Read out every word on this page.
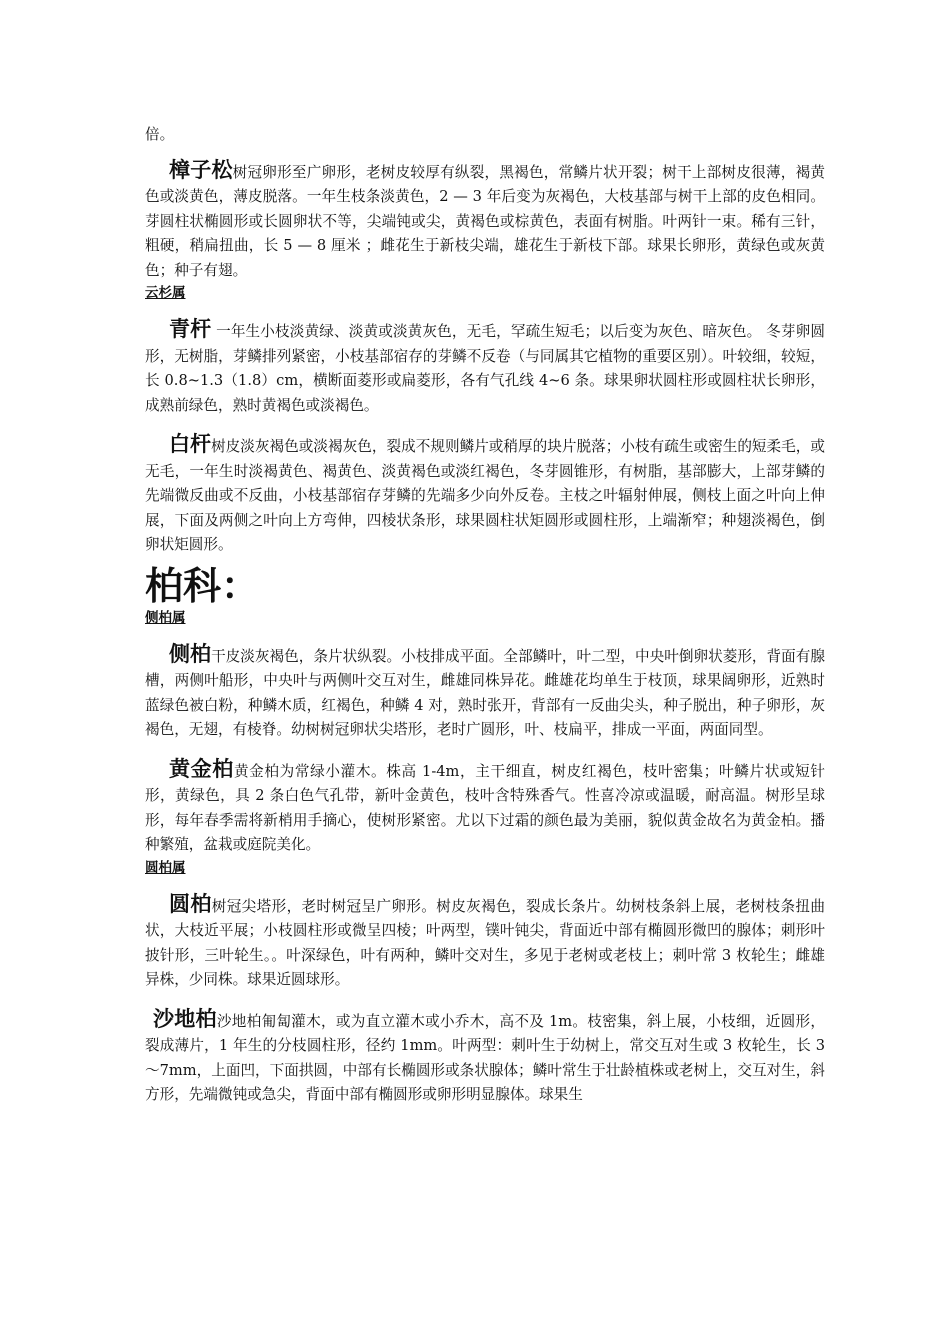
倍。

樟子松树冠卵形至广卵形，老树皮较厚有纵裂，黑褐色，常鳞片状开裂；树干上部树皮很薄，褐黄色或淡黄色，薄皮脱落。一年生枝条淡黄色，2 — 3 年后变为灰褐色，大枝基部与树干上部的皮色相同。芽圆柱状椭圆形或长圆卵状不等，尖端钝或尖，黄褐色或棕黄色，表面有树脂。叶两针一束。稀有三针，粗硬，稍扁扭曲，长 5 — 8 厘米 ；雌花生于新枝尖端，雄花生于新枝下部。球果长卵形，黄绿色或灰黄色；种子有翅。

云杉属

青杆 一年生小枝淡黄绿、淡黄或淡黄灰色，无毛，罕疏生短毛；以后变为灰色、暗灰色。 冬芽卵圆形，无树脂，芽鳞排列紧密，小枝基部宿存的芽鳞不反卷（与同属其它植物的重要区别）。叶较细，较短，长 0.8~1.3（1.8）cm，横断面菱形或扁菱形，各有气孔线 4~6 条。球果卵状圆柱形或圆柱状长卵形，成熟前绿色，熟时黄褐色或淡褐色。

白杆树皮淡灰褐色或淡褐灰色，裂成不规则鳞片或稍厚的块片脱落；小枝有疏生或密生的短柔毛，或无毛，一年生时淡褐黄色、褐黄色、淡黄褐色或淡红褐色，冬芽圆锥形，有树脂，基部膨大，上部芽鳞的先端微反曲或不反曲，小枝基部宿存芽鳞的先端多少向外反卷。主枝之叶辐射伸展，侧枝上面之叶向上伸展，下面及两侧之叶向上方弯伸，四棱状条形，球果圆柱状矩圆形或圆柱形，上端渐窄；种翅淡褐色，倒卵状矩圆形。

柏科：

侧柏属

侧柏干皮淡灰褐色，条片状纵裂。小枝排成平面。全部鳞叶，叶二型，中央叶倒卵状菱形，背面有腺槽，两侧叶船形，中央叶与两侧叶交互对生，雌雄同株异花。雌雄花均单生于枝顶，球果阔卵形，近熟时蓝绿色被白粉，种鳞木质，红褐色，种鳞 4 对，熟时张开，背部有一反曲尖头，种子脱出，种子卵形，灰褐色，无翅，有棱脊。幼树树冠卵状尖塔形，老时广圆形，叶、枝扁平，排成一平面，两面同型。

黄金柏黄金柏为常绿小灌木。株高 1-4m，主干细直，树皮红褐色，枝叶密集；叶鳞片状或短针形，黄绿色，具 2 条白色气孔带，新叶金黄色，枝叶含特殊香气。性喜冷凉或温暖，耐高温。树形呈球形，每年春季需将新梢用手摘心，使树形紧密。尤以下过霜的颜色最为美丽，貌似黄金故名为黄金柏。播种繁殖，盆栽或庭院美化。

圆柏属

圆柏树冠尖塔形，老时树冠呈广卵形。树皮灰褐色，裂成长条片。幼树枝条斜上展，老树枝条扭曲状，大枝近平展；小枝圆柱形或微呈四棱；叶两型，镤叶钝尖，背面近中部有椭圆形微凹的腺体；刺形叶披针形，三叶轮生。。叶深绿色，叶有两种，鳞叶交对生，多见于老树或老枝上；刺叶常 3 枚轮生；雌雄异株，少同株。球果近圆球形。

沙地柏沙地柏匍匐灌木，或为直立灌木或小乔木，高不及 1m。枝密集，斜上展，小枝细，近圆形，裂成薄片，1 年生的分枝圆柱形，径约 1mm。叶两型：刺叶生于幼树上，常交互对生或 3 枚轮生，长 3～7mm，上面凹，下面拱圆，中部有长椭圆形或条状腺体；鳞叶常生于壮龄植株或老树上，交互对生，斜方形，先端微钝或急尖，背面中部有椭圆形或卵形明显腺体。球果生
